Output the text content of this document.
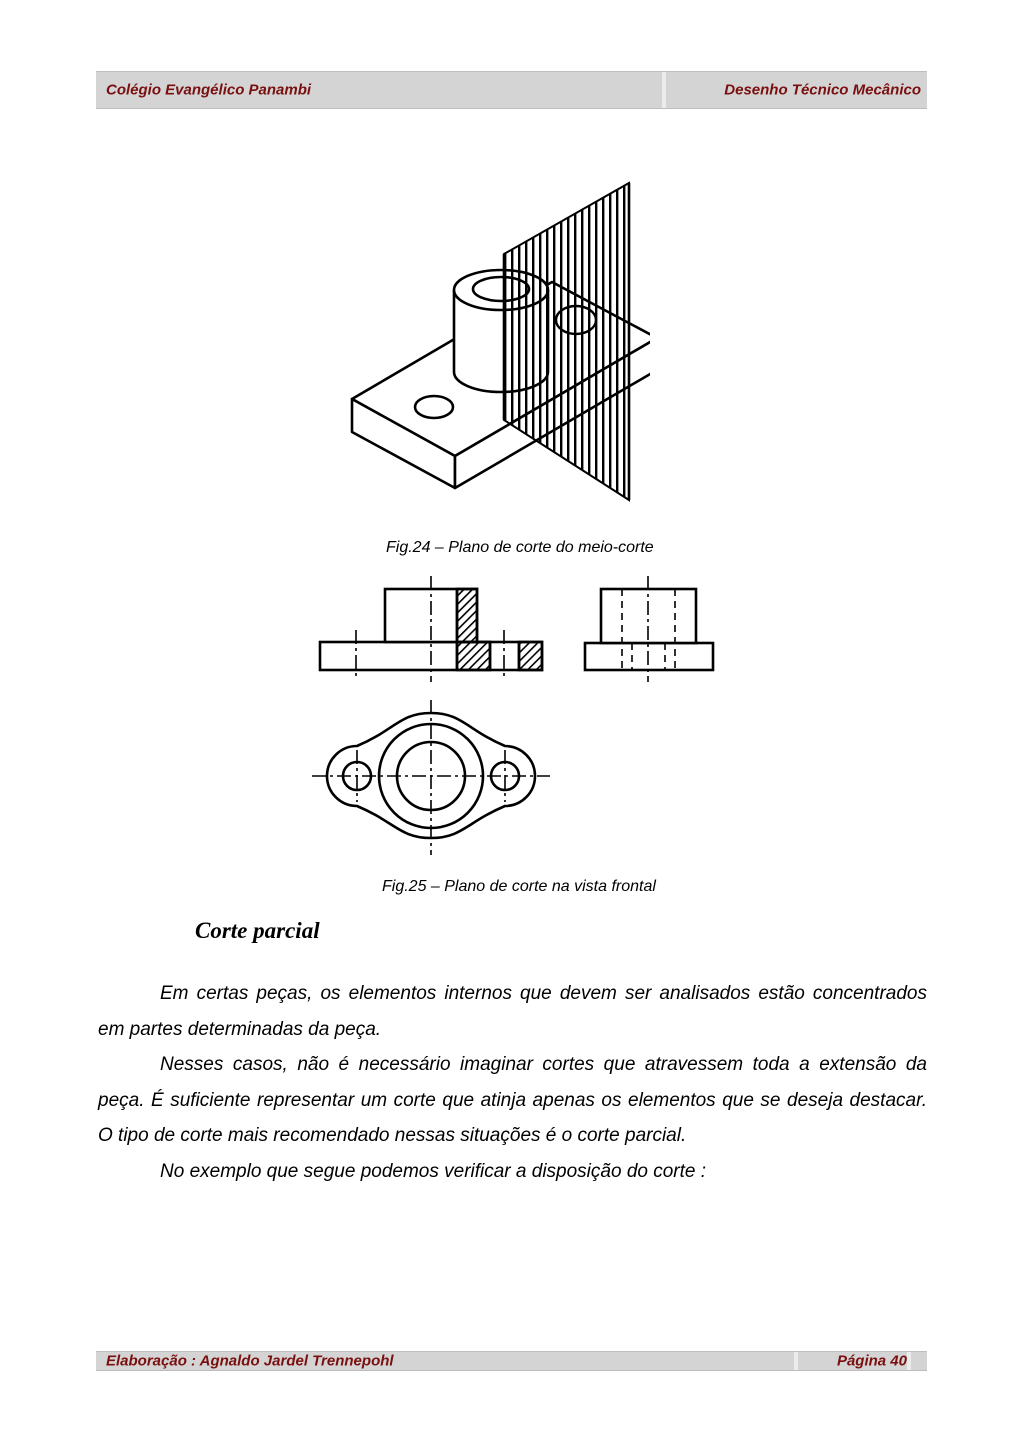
Colégio Evangélico Panambi	Desenho Técnico Mecânico
Fig.24 – Plano de corte do meio-corte
Fig.25 – Plano de corte na vista frontal
Corte parcial

Em certas peças, os elementos internos que devem ser analisados estão concentrados em partes determinadas da peça.

Nesses casos, não é necessário imaginar cortes que atravessem toda a extensão da peça. É suficiente representar um corte que atinja apenas os elementos que se deseja destacar. O tipo de corte mais recomendado nessas situações é o corte parcial.

No exemplo que segue podemos verificar a disposição do corte :

Elaboração : Agnaldo Jardel Trennepohl	Página 40
